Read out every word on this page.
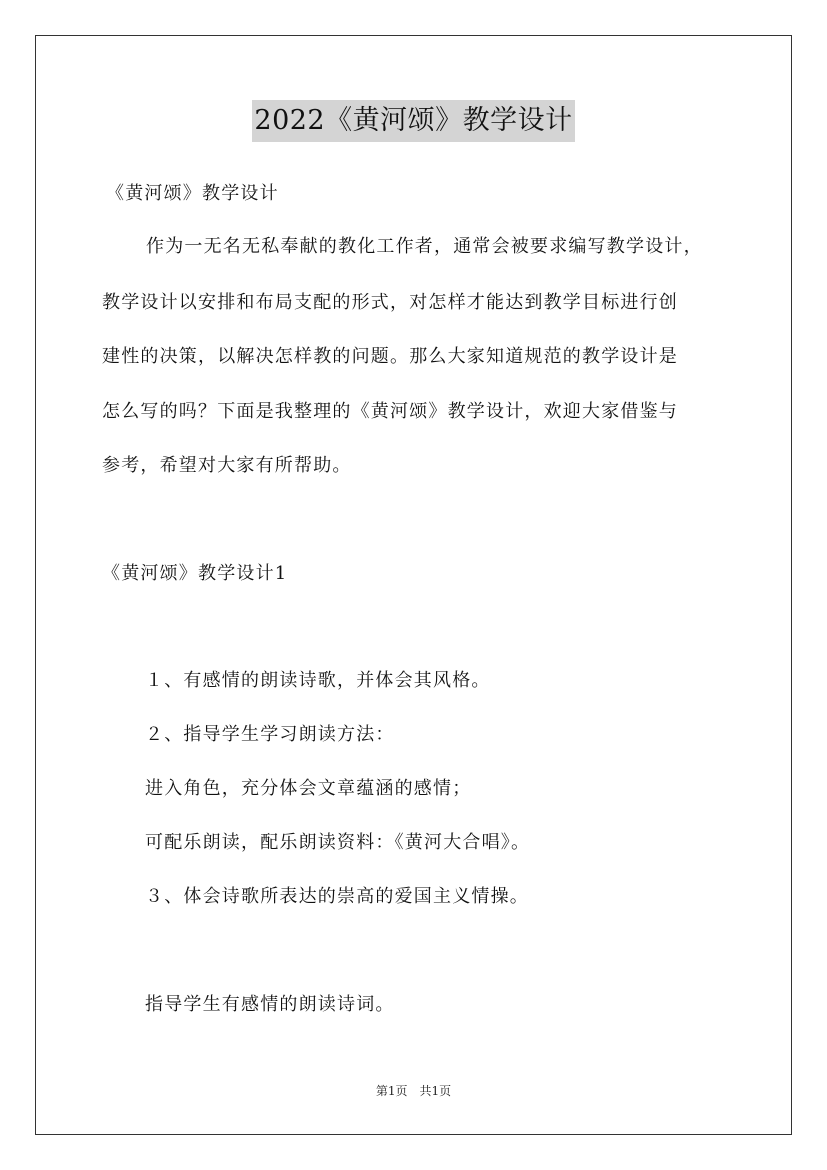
2022《黄河颂》教学设计
《黄河颂》教学设计
作为一无名无私奉献的教化工作者，通常会被要求编写教学设计，
教学设计以安排和布局支配的形式，对怎样才能达到教学目标进行创
建性的决策，以解决怎样教的问题。那么大家知道规范的教学设计是
怎么写的吗？下面是我整理的《黄河颂》教学设计，欢迎大家借鉴与
参考，希望对大家有所帮助。
《黄河颂》教学设计1
１、有感情的朗读诗歌，并体会其风格。
２、指导学生学习朗读方法：
进入角色，充分体会文章蕴涵的感情；
可配乐朗读，配乐朗读资料：《黄河大合唱》。
３、体会诗歌所表达的崇高的爱国主义情操。
指导学生有感情的朗读诗词。
第1页　共1页
